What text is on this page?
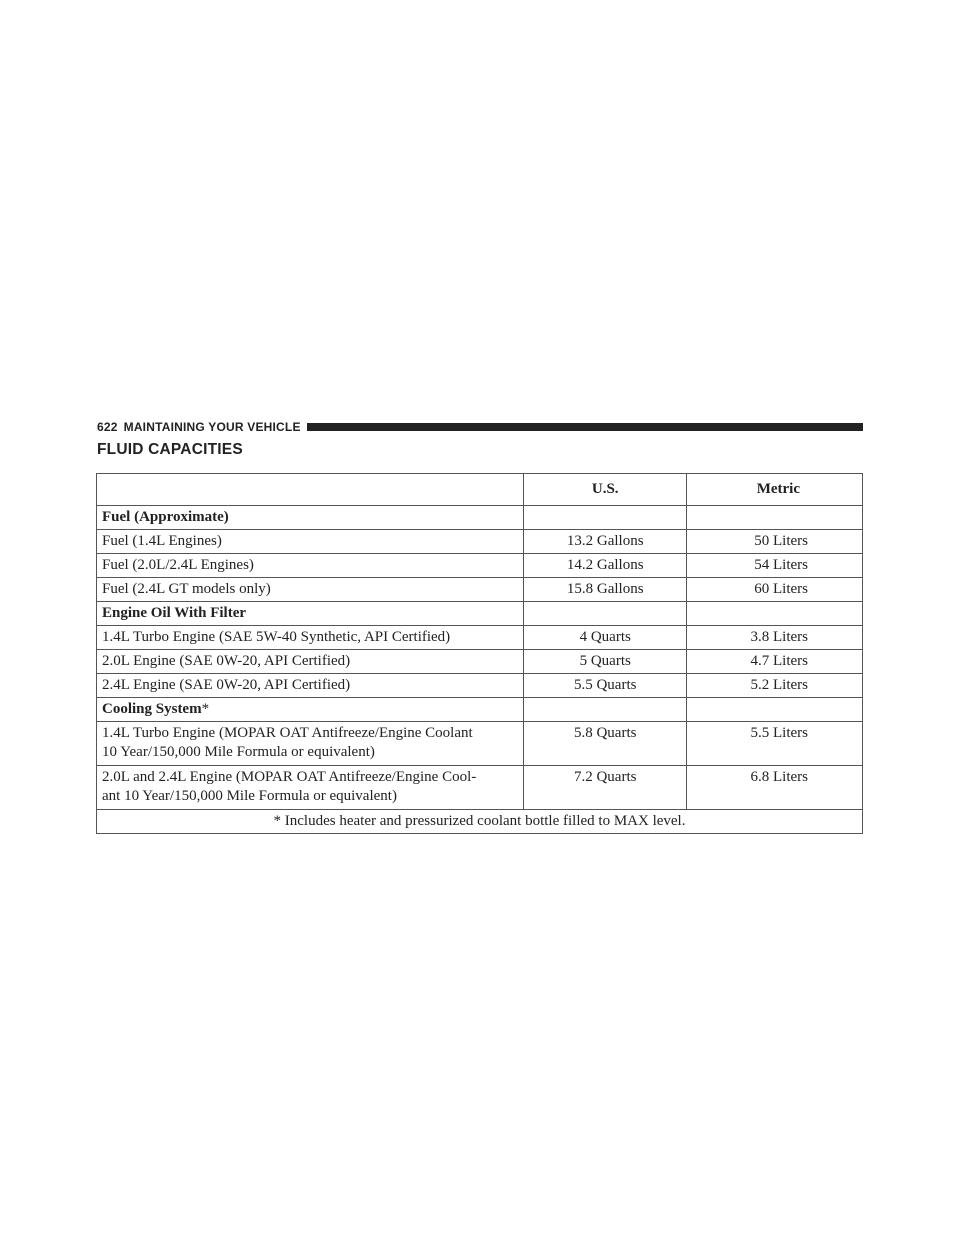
622 MAINTAINING YOUR VEHICLE
FLUID CAPACITIES
	U.S.	Metric
Fuel (Approximate)		
Fuel (1.4L Engines)	13.2 Gallons	50 Liters
Fuel (2.0L/2.4L Engines)	14.2 Gallons	54 Liters
Fuel (2.4L GT models only)	15.8 Gallons	60 Liters
Engine Oil With Filter		
1.4L Turbo Engine (SAE 5W-40 Synthetic, API Certified)	4 Quarts	3.8 Liters
2.0L Engine (SAE 0W-20, API Certified)	5 Quarts	4.7 Liters
2.4L Engine (SAE 0W-20, API Certified)	5.5 Quarts	5.2 Liters
Cooling System*		
1.4L Turbo Engine (MOPAR OAT Antifreeze/Engine Coolant
10 Year/150,000 Mile Formula or equivalent)	5.8 Quarts	5.5 Liters
2.0L and 2.4L Engine (MOPAR OAT Antifreeze/Engine Cool-
ant 10 Year/150,000 Mile Formula or equivalent)	7.2 Quarts	6.8 Liters
* Includes heater and pressurized coolant bottle filled to MAX level.		
